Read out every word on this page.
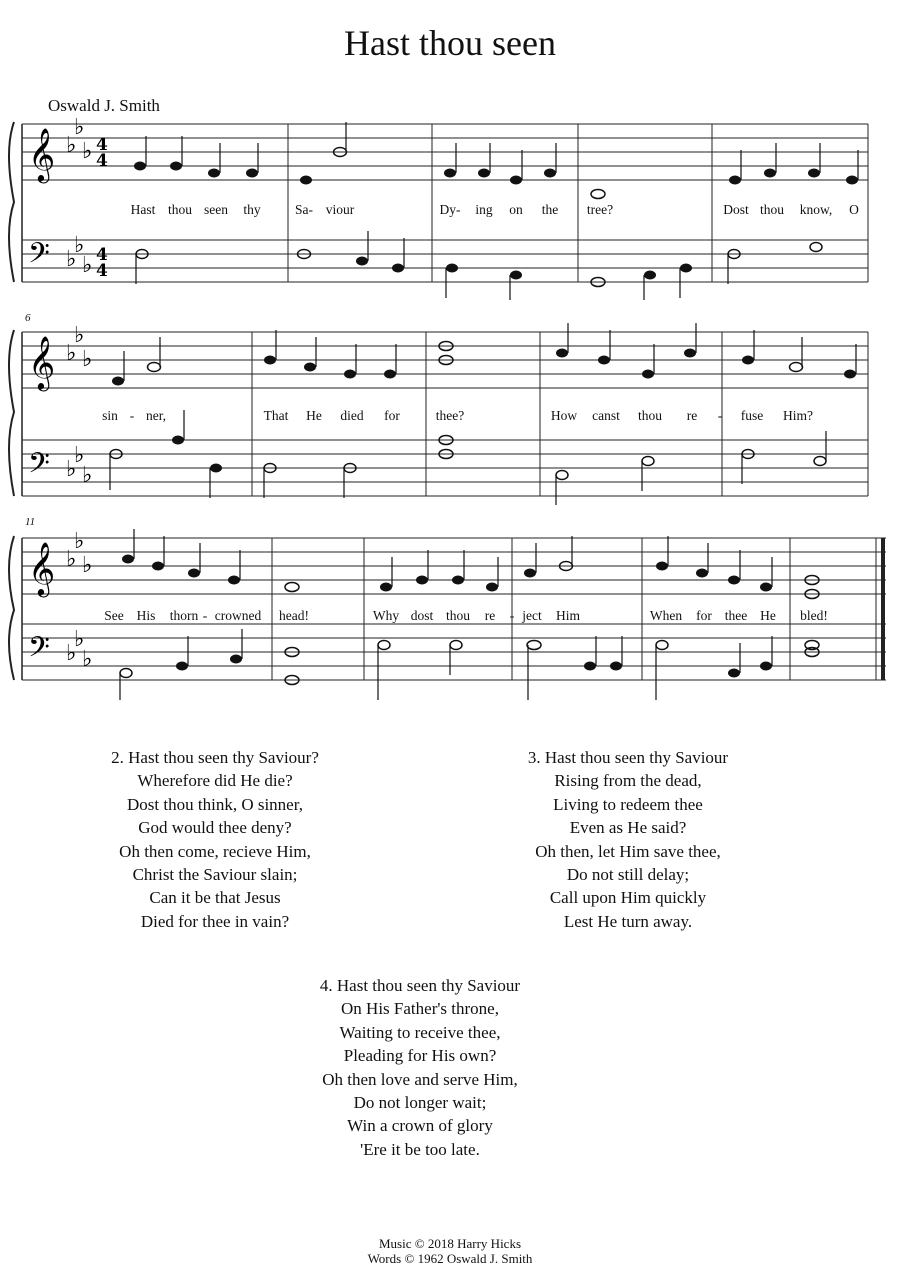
Hast thou seen
Oswald J. Smith
𝄞
𝄢
♭
♭
♭
♭
♭
♭
4
4
4
4
Hast thou seen thy	Sa- viour	Dy- ing on the tree?	Dost thou know, O
6
𝄞
𝄢
♭
♭
♭
♭
♭
♭
sin - ner,	That He died for	thee?	How canst thou re - fuse Him?
11
𝄞
𝄢
♭
♭
♭
♭
♭
♭
See His thorn - crowned head!	Why dost thou re - ject Him	When for thee He bled!
2. Hast thou seen thy Saviour?
Wherefore did He die?
Dost thou think, O sinner,
God would thee deny?
Oh then come, recieve Him,
Christ the Saviour slain;
Can it be that Jesus
Died for thee in vain?
3. Hast thou seen thy Saviour
Rising from the dead,
Living to redeem thee
Even as He said?
Oh then, let Him save thee,
Do not still delay;
Call upon Him quickly
Lest He turn away.
4. Hast thou seen thy Saviour
On His Father's throne,
Waiting to receive thee,
Pleading for His own?
Oh then love and serve Him,
Do not longer wait;
Win a crown of glory
'Ere it be too late.
Music © 2018 Harry Hicks
Words © 1962 Oswald J. Smith
